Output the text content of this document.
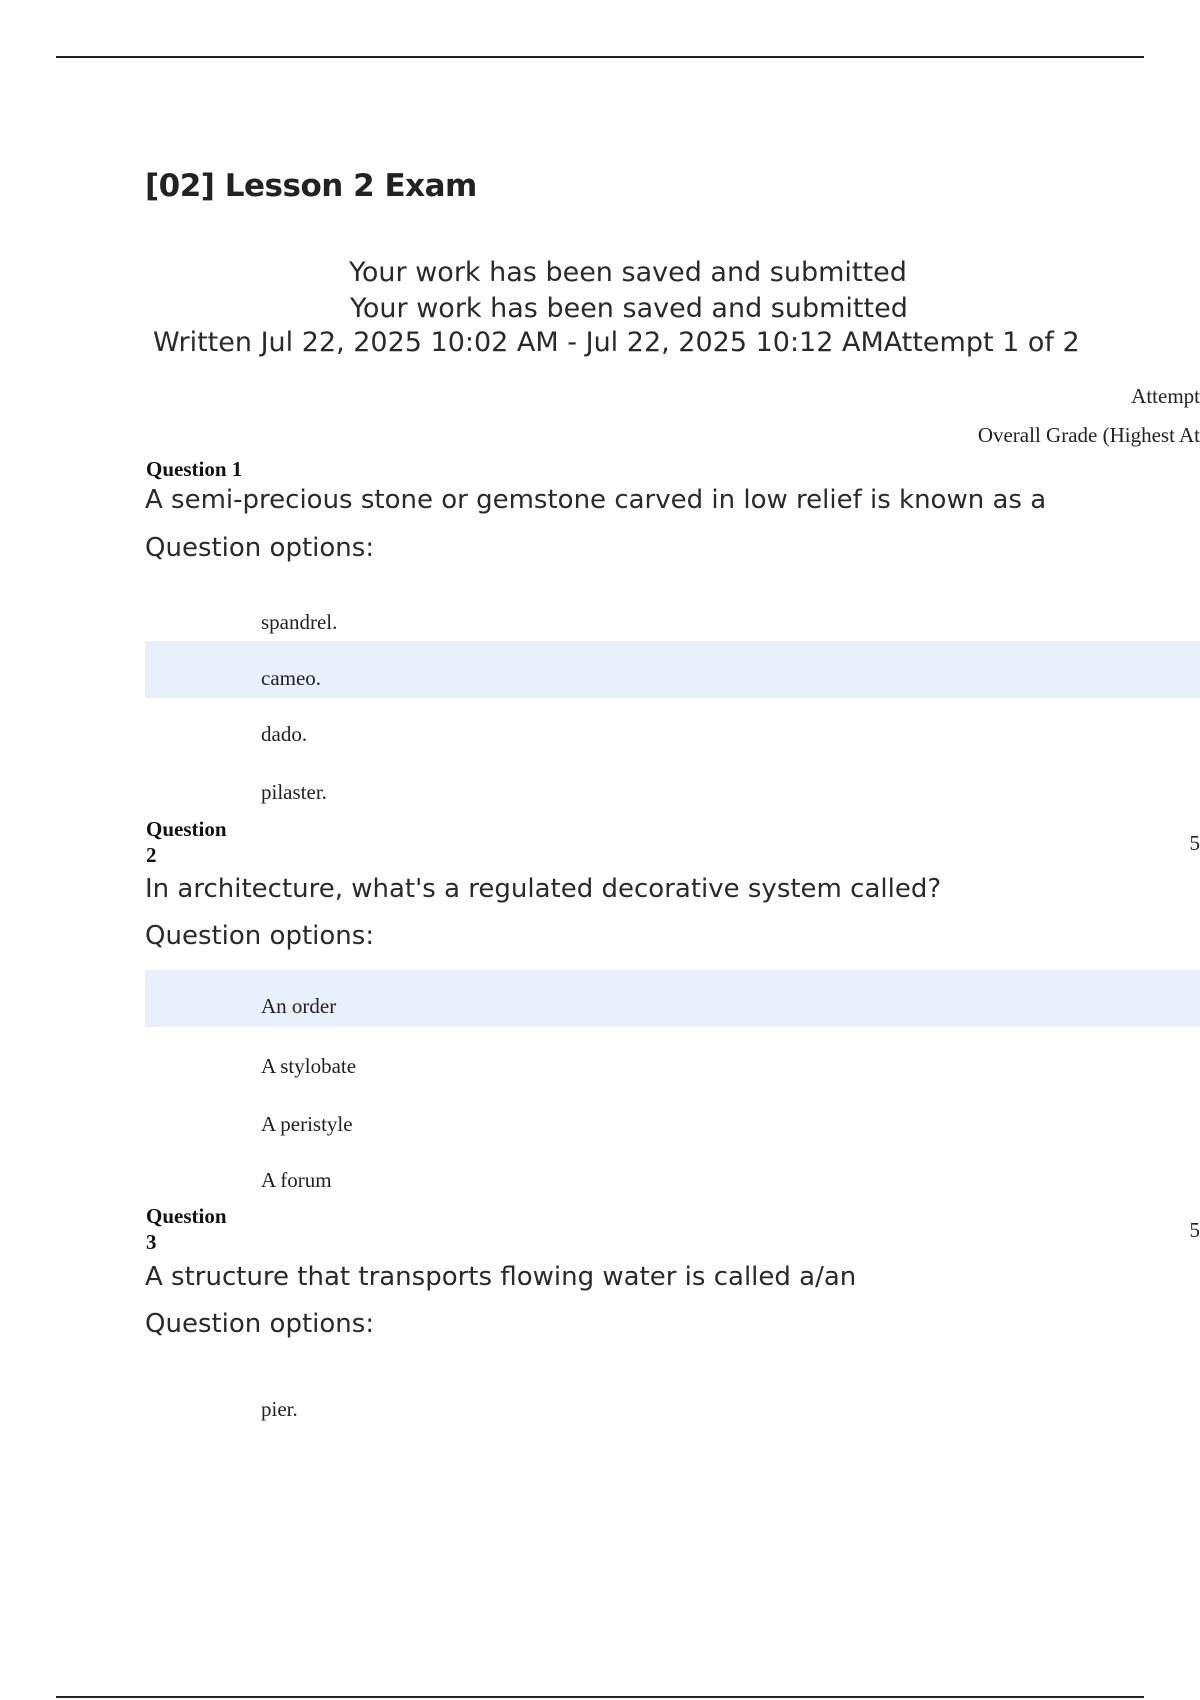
[02] Lesson 2 Exam
Your work has been saved and submitted
Your work has been saved and submitted
Written Jul 22, 2025 10:02 AM - Jul 22, 2025 10:12 AMAttempt 1 of 2
Attempt
Overall Grade (Highest At
Question 1
A semi-precious stone or gemstone carved in low relief is known as a
Question options:
spandrel.
cameo.
dado.
pilaster.
Question
2	5
In architecture, what's a regulated decorative system called?
Question options:
An order
A stylobate
A peristyle
A forum
Question
3	5
A structure that transports flowing water is called a/an
Question options:
pier.
